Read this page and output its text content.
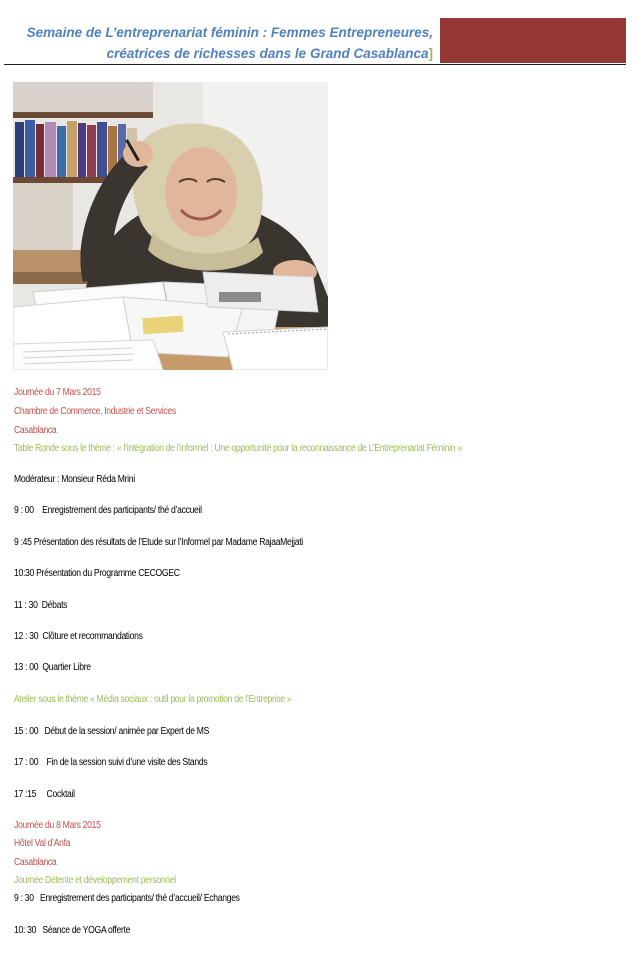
Semaine de L’entreprenariat féminin : Femmes Entrepreneures,
créatrices de richesses dans le Grand Casablanca]
Journée du 7 Mars 2015
Chambre de Commerce, Industrie et Services
Casablanca
Table Ronde sous le thème : « l’intégration de l’informel : Une opportunité pour la reconnaissance de L’Entreprenariat Féminin »
Modérateur : Monsieur Réda Mrini
9 : 00 Enregistrement des participants/ thé d’accueil
9 :45 Présentation des résultats de l’Etude sur l’Informel par Madame RajaaMejjati
10:30 Présentation du Programme CECOGEC
11 : 30 Débats
12 : 30 Clôture et recommandations
13 : 00 Quartier Libre
Atelier sous le thème « Média sociaux : outil pour la promotion de l’Entreprise »
15 : 00 Début de la session/ animée par Expert de MS
17 : 00 Fin de la session suivi d’une visite des Stands
17 :15 Cocktail
Journée du 8 Mars 2015
Hôtel Val d’Anfa
Casablanca
Journée Détente et développement personnel
9 : 30 Enregistrement des participants/ thé d’accueil/ Echanges
10: 30 Séance de YOGA offerte
